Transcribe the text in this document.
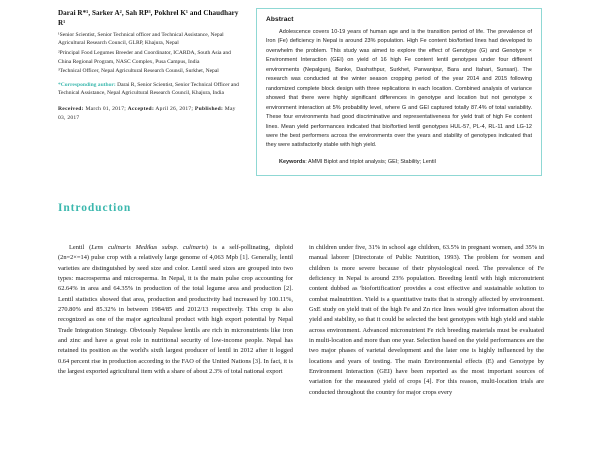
Darai R*¹, Sarker A², Sah RP³, Pokhrel K¹ and Chaudhary R¹
¹Senior Scientist, Senior Technical officer and Technical Assistance, Nepal Agricultural Research Council, GLRP, Khajura, Nepal
²Principal Food Legumes Breeder and Coordinator, ICARDA, South Asia and China Regional Program, NASC Complex, Pusa Campus, India
³Technical Officer, Nepal Agricultural Research Counsil, Surkhet, Nepal
*Corresponding author: Darai R, Senior Scientist, Senior Technical Officer and Technical Assistance, Nepal Agricultural Research Council, Khajura, India
Received: March 01, 2017; Accepted: April 26, 2017; Published: May 03, 2017
Abstract
Adolescence covers 10-19 years of human age and is the transition period of life. The prevalence of Iron (Fe) deficiency in Nepal is around 23% population. High Fe content bio/fortied lines had developed to overwhelm the problem. This study was aimed to explore the effect of Genotype (G) and Genotype × Environment Interaction (GEI) on yield of 16 high Fe content lentil genotypes under four different environments (Nepalgunj, Banke, Dashsthpur, Surkhet, Parwanipur, Bara and Itahari, Sunsari). The research was conducted at the winter season cropping period of the year 2014 and 2015 following randomized complete block design with three replications in each location. Combined analysis of variance showed that there were highly significant differences in genotype and location but not genotype x environment interaction at 5% probability level, where G and GEI captured totally 87.4% of total variability. These four environments had good discriminative and representativeness for yield trait of high Fe content lines. Mean yield performances indicated that bio/fortied lentil genotypes HUL-57, PL-4, RL-11 and LG-12 were the best performers across the environments over the years and stability of genotypes indicated that they were satisfactorily stable with high yield.
Keywords: AMMI Biplot and triplot analysis; GEI; Stability; Lentil
Introduction

Lentil (Lens culinaris Medikus subsp. culinaris) is a self-pollinating, diploid (2n=2×=14) pulse crop with a relatively large genome of 4,063 Mpb [1]. Generally, lentil varieties are distinguished by seed size and color. Lentil seed sizes are grouped into two types: macrosperma and microsperma. In Nepal, it is the main pulse crop accounting for 62.64% in area and 64.35% in production of the total legume area and production [2]. Lentil statistics showed that area, production and productivity had increased by 100.11%, 270.80% and 85.32% in between 1984/85 and 2012/13 respectively. This crop is also recognized as one of the major agricultural product with high export potential by Nepal Trade Integration Strategy. Obviously Nepalese lentils are rich in micronutrients like iron and zinc and have a great role in nutritional security of low-income people. Nepal has retained its position as the world's sixth largest producer of lentil in 2012 after it logged 0.64 percent rise in production according to the FAO of the United Nations [3]. In fact, it is the largest exported agricultural item with a share of about 2.3% of total national export

in children under five, 31% in school age children, 63.5% in pregnant women, and 35% in manual laborer [Directorate of Public Nutrition, 1993). The problem for women and children is more severe because of their physiological need. The prevalence of Fe deficiency in Nepal is around 23% population. Breeding lentil with high micronutrient content dubbed as 'biofortification' provides a cost effective and sustainable solution to combat malnutrition. Yield is a quantitative traits that is strongly affected by environment. GxE study on yield trait of the high Fe and Zn rice lines would give information about the yield and stability, so that it could be selected the best genotypes with high yield and stable across environment. Advanced micronutrient Fe rich breeding materials must be evaluated in multi-location and more than one year. Selection based on the yield performances are the two major phases of varietal development and the later one is highly influenced by the locations and years of testing. The main Environmental effects (E) and Genotype by Environment Interaction (GEI) have been reported as the most important sources of variation for the measured yield of crops [4]. For this reason, multi-location trials are conducted throughout the country for major crops every
